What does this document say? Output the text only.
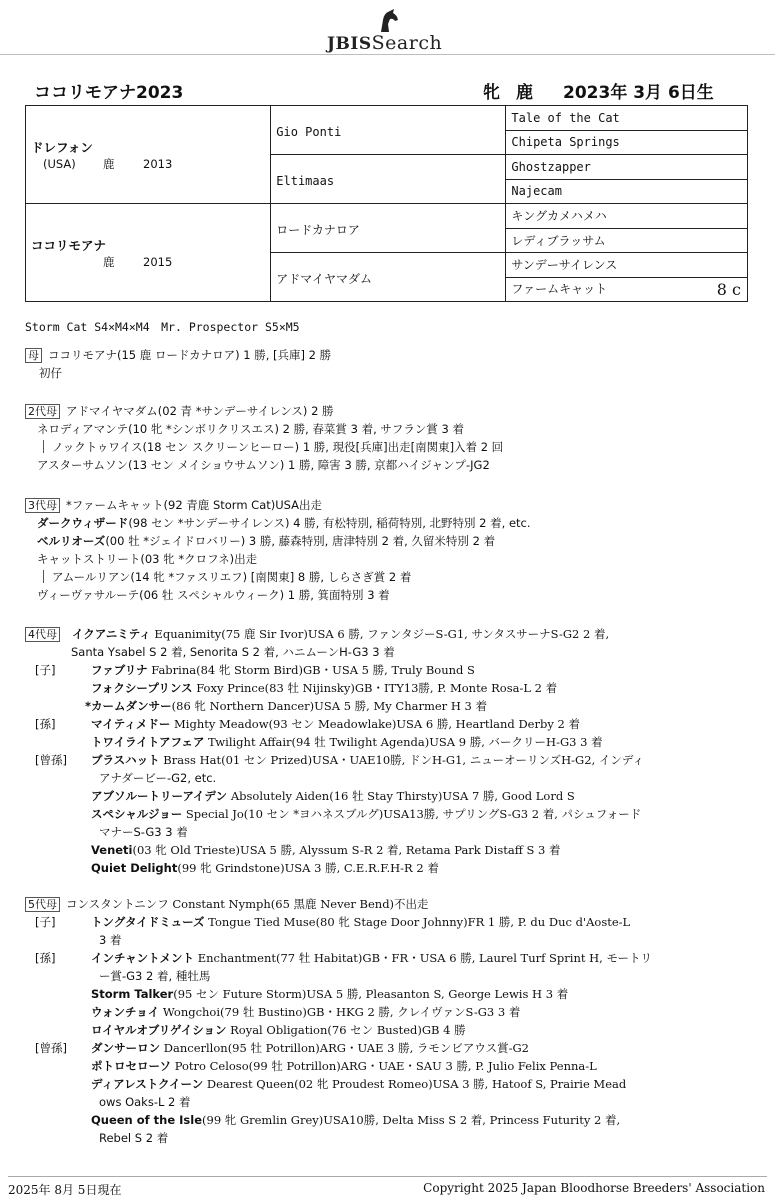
JBISSearch
ココリモアナ2023	牝 鹿 2023年 3月 6日生
ドレフォン
(USA) 鹿 2013	Gio Ponti	Tale of the Cat
		Chipeta Springs
	Eltimaas	Ghostzapper
		Najecam

ココリモアナ
鹿 2015	ロードカナロア	キングカメハメハ
		レディブラッサム
	アドマイヤマダム	サンデーサイレンス
		ファームキャット 8 c
Storm Cat S4×M4×M4　Mr. Prospector S5×M5
母 ココリモアナ(15 鹿 ロードカナロア) 1 勝, [兵庫] 2 勝
初仔
2代母 アドマイヤマダム(02 青 *サンデーサイレンス) 2 勝
ネロディアマンテ(10 牝 *シンボリクリスエス) 2 勝, 春菜賞 3 着, サフラン賞 3 着
ノックトゥワイス(18 セン スクリーンヒーロー) 1 勝, 現役[兵庫]出走[南関東]入着 2 回
アスターサムソン(13 セン メイショウサムソン) 1 勝, 障害 3 勝, 京都ハイジャンプ-JG2
3代母 *ファームキャット(92 青鹿 Storm Cat)USA出走
ダークウィザード(98 セン *サンデーサイレンス) 4 勝, 有松特別, 稲荷特別, 北野特別 2 着, etc.
ベルリオーズ(00 牡 *ジェイドロバリー) 3 勝, 藤森特別, 唐津特別 2 着, 久留米特別 2 着
キャットストリート(03 牝 *クロフネ)出走
アムールリアン(14 牝 *ファスリエフ) [南関東] 8 勝, しらさぎ賞 2 着
ヴィーヴァサルーテ(06 牡 スペシャルウィーク) 1 勝, 箕面特別 3 着
4代母 イクアニミティ Equanimity(75 鹿 Sir Ivor)USA 6 勝, ファンタジーS-G1, サンタスサーナS-G2 2 着,
Santa Ysabel S 2 着, Senorita S 2 着, ハニムーンH-G3 3 着
[子]	ファブリナ Fabrina(84 牝 Storm Bird)GB・USA 5 勝, Truly Bound S
フォクシープリンス Foxy Prince(83 牡 Nijinsky)GB・ITY13勝, P. Monte Rosa-L 2 着
*カームダンサー(86 牝 Northern Dancer)USA 5 勝, My Charmer H 3 着
[孫]	マイティメドー Mighty Meadow(93 セン Meadowlake)USA 6 勝, Heartland Derby 2 着
トワイライトアフェア Twilight Affair(94 牡 Twilight Agenda)USA 9 勝, バークリーH-G3 3 着
[曾孫] ブラスハット Brass Hat(01 セン Prized)USA・UAE10勝, ドンH-G1, ニューオーリンズH-G2, インディ
アナダービー-G2, etc.
アブソルートリーアイデン Absolutely Aiden(16 牡 Stay Thirsty)USA 7 勝, Good Lord S
スペシャルジョー Special Jo(10 セン *ヨハネスブルグ)USA13勝, サプリングS-G3 2 着, パシュフォード
マナーS-G3 3 着
Veneti(03 牝 Old Trieste)USA 5 勝, Alyssum S-R 2 着, Retama Park Distaff S 3 着
Quiet Delight(99 牝 Grindstone)USA 3 勝, C.E.R.F.H-R 2 着
5代母 コンスタントニンフ Constant Nymph(65 黒鹿 Never Bend)不出走
[子]	トングタイドミューズ Tongue Tied Muse(80 牝 Stage Door Johnny)FR 1 勝, P. du Duc d'Aoste-L
3 着
[孫]	インチャントメント Enchantment(77 牡 Habitat)GB・FR・USA 6 勝, Laurel Turf Sprint H, モートリ
ー賞-G3 2 着, 種牡馬
Storm Talker(95 セン Future Storm)USA 5 勝, Pleasanton S, George Lewis H 3 着
ウォンチョイ Wongchoi(79 牡 Bustino)GB・HKG 2 勝, クレイヴァンS-G3 3 着
ロイヤルオブリゲイション Royal Obligation(76 セン Busted)GB 4 勝
[曾孫] ダンサーロン Dancerllon(95 牡 Potrillon)ARG・UAE 3 勝, ラモンビアウス賞-G2
ポトロセローソ Potro Celoso(99 牡 Potrillon)ARG・UAE・SAU 3 勝, P. Julio Felix Penna-L
ディアレストクイーン Dearest Queen(02 牝 Proudest Romeo)USA 3 勝, Hatoof S, Prairie Mead
ows Oaks-L 2 着
Queen of the Isle(99 牝 Gremlin Grey)USA10勝, Delta Miss S 2 着, Princess Futurity 2 着,
Rebel S 2 着
2025年 8月 5日現在	Copyright 2025 Japan Bloodhorse Breeders' Association
